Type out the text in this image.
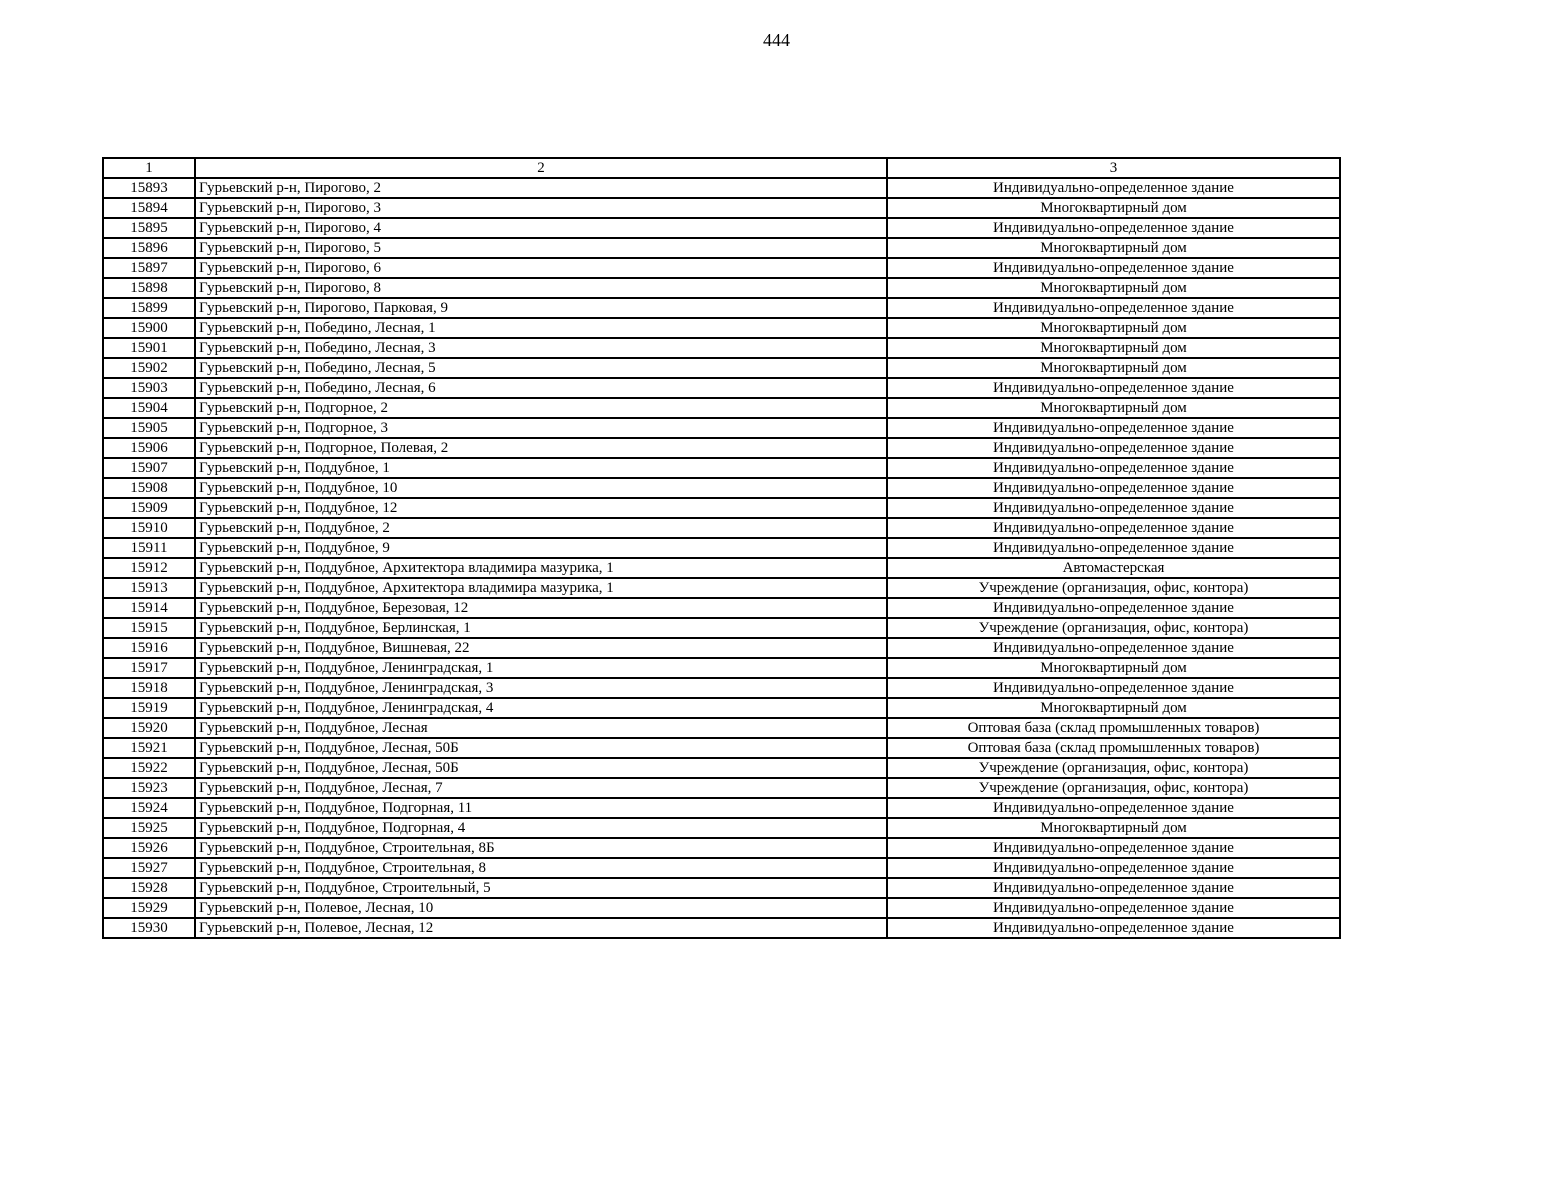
444
1	2	3
15893	Гурьевский р-н, Пирогово, 2	Индивидуально-определенное здание
15894	Гурьевский р-н, Пирогово, 3	Многоквартирный дом
15895	Гурьевский р-н, Пирогово, 4	Индивидуально-определенное здание
15896	Гурьевский р-н, Пирогово, 5	Многоквартирный дом
15897	Гурьевский р-н, Пирогово, 6	Индивидуально-определенное здание
15898	Гурьевский р-н, Пирогово, 8	Многоквартирный дом
15899	Гурьевский р-н, Пирогово, Парковая, 9	Индивидуально-определенное здание
15900	Гурьевский р-н, Победино, Лесная, 1	Многоквартирный дом
15901	Гурьевский р-н, Победино, Лесная, 3	Многоквартирный дом
15902	Гурьевский р-н, Победино, Лесная, 5	Многоквартирный дом
15903	Гурьевский р-н, Победино, Лесная, 6	Индивидуально-определенное здание
15904	Гурьевский р-н, Подгорное, 2	Многоквартирный дом
15905	Гурьевский р-н, Подгорное, 3	Индивидуально-определенное здание
15906	Гурьевский р-н, Подгорное, Полевая, 2	Индивидуально-определенное здание
15907	Гурьевский р-н, Поддубное, 1	Индивидуально-определенное здание
15908	Гурьевский р-н, Поддубное, 10	Индивидуально-определенное здание
15909	Гурьевский р-н, Поддубное, 12	Индивидуально-определенное здание
15910	Гурьевский р-н, Поддубное, 2	Индивидуально-определенное здание
15911	Гурьевский р-н, Поддубное, 9	Индивидуально-определенное здание
15912	Гурьевский р-н, Поддубное, Архитектора владимира мазурика, 1	Автомастерская
15913	Гурьевский р-н, Поддубное, Архитектора владимира мазурика, 1	Учреждение (организация, офис, контора)
15914	Гурьевский р-н, Поддубное, Березовая, 12	Индивидуально-определенное здание
15915	Гурьевский р-н, Поддубное, Берлинская, 1	Учреждение (организация, офис, контора)
15916	Гурьевский р-н, Поддубное, Вишневая, 22	Индивидуально-определенное здание
15917	Гурьевский р-н, Поддубное, Ленинградская, 1	Многоквартирный дом
15918	Гурьевский р-н, Поддубное, Ленинградская, 3	Индивидуально-определенное здание
15919	Гурьевский р-н, Поддубное, Ленинградская, 4	Многоквартирный дом
15920	Гурьевский р-н, Поддубное, Лесная	Оптовая база (склад промышленных товаров)
15921	Гурьевский р-н, Поддубное, Лесная, 50Б	Оптовая база (склад промышленных товаров)
15922	Гурьевский р-н, Поддубное, Лесная, 50Б	Учреждение (организация, офис, контора)
15923	Гурьевский р-н, Поддубное, Лесная, 7	Учреждение (организация, офис, контора)
15924	Гурьевский р-н, Поддубное, Подгорная, 11	Индивидуально-определенное здание
15925	Гурьевский р-н, Поддубное, Подгорная, 4	Многоквартирный дом
15926	Гурьевский р-н, Поддубное, Строительная, 8Б	Индивидуально-определенное здание
15927	Гурьевский р-н, Поддубное, Строительная, 8	Индивидуально-определенное здание
15928	Гурьевский р-н, Поддубное, Строительный, 5	Индивидуально-определенное здание
15929	Гурьевский р-н, Полевое, Лесная, 10	Индивидуально-определенное здание
15930	Гурьевский р-н, Полевое, Лесная, 12	Индивидуально-определенное здание
